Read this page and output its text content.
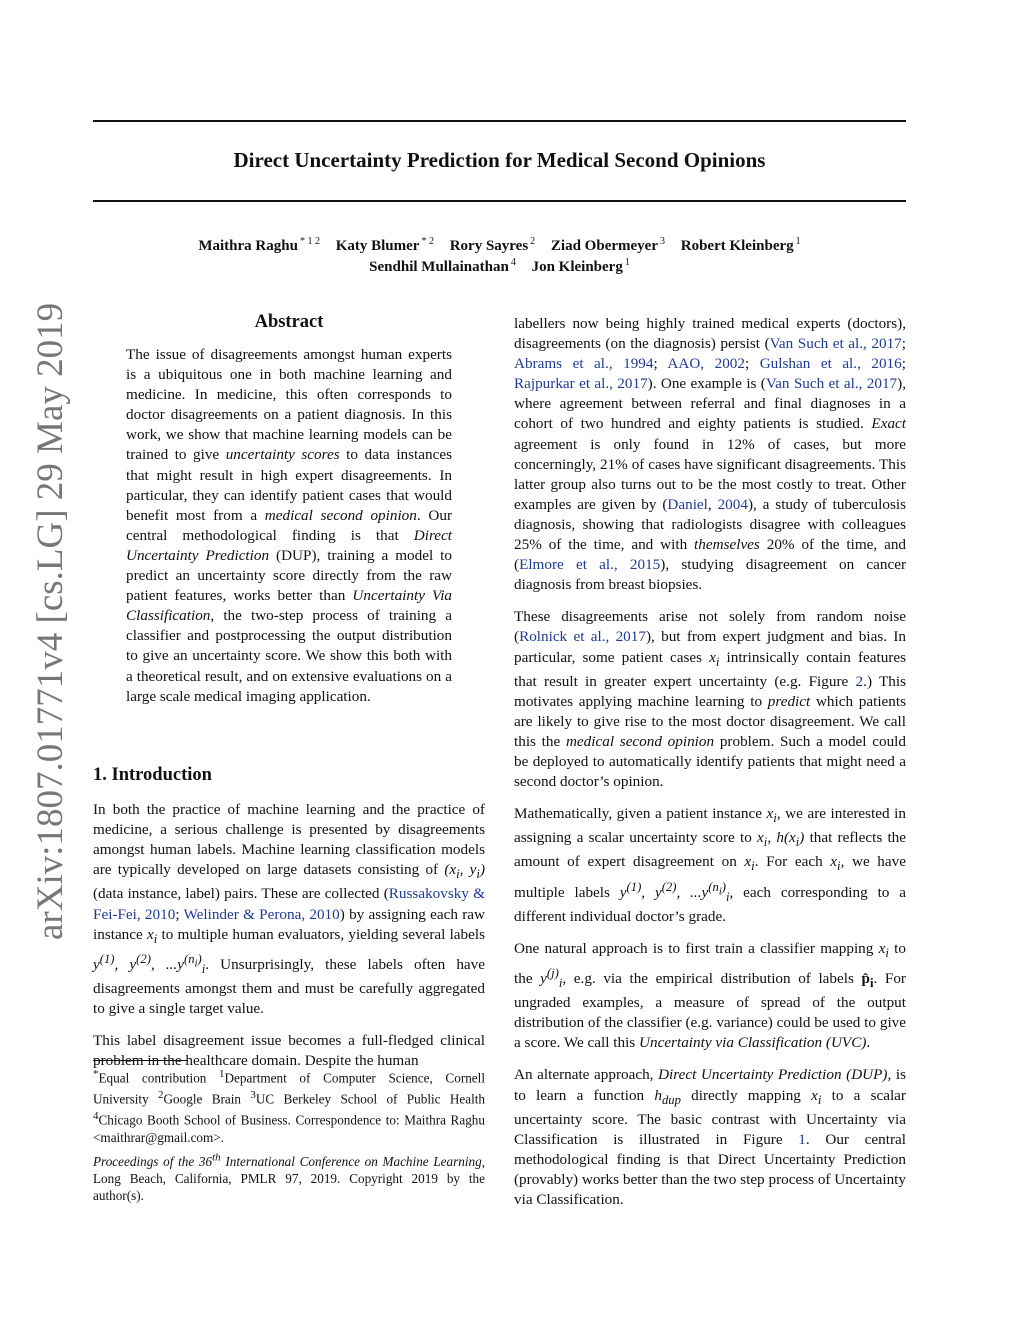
arXiv:1807.01771v4 [cs.LG] 29 May 2019
Direct Uncertainty Prediction for Medical Second Opinions
Maithra Raghu $^{* 1 2}$ Katy Blumer $^{* 2}$ Rory Sayres $^2$ Ziad Obermeyer $^3$ Robert Kleinberg $^1$
Sendhil Mullainathan $^4$ Jon Kleinberg $^1$
Abstract
The issue of disagreements amongst human experts is a ubiquitous one in both machine learning and medicine. In medicine, this often corresponds to doctor disagreements on a patient diagnosis. In this work, we show that machine learning models can be trained to give uncertainty scores to data instances that might result in high expert disagreements. In particular, they can identify patient cases that would benefit most from a medical second opinion. Our central methodological finding is that Direct Uncertainty Prediction (DUP), training a model to predict an uncertainty score directly from the raw patient features, works better than Uncertainty Via Classification, the two-step process of training a classifier and postprocessing the output distribution to give an uncertainty score. We show this both with a theoretical result, and on extensive evaluations on a large scale medical imaging application.
1. Introduction

In both the practice of machine learning and the practice of medicine, a serious challenge is presented by disagreements amongst human labels. Machine learning classification models are typically developed on large datasets consisting of ($x_i$, $y_i$) (data instance, label) pairs. These are collected (Russakovsky & Fei-Fei, 2010; Welinder & Perona, 2010) by assigning each raw instance $x_i$ to multiple human evaluators, yielding several labels $y^{(1)}$, $y^{(2)}$, $...y^{(n_i)}_i$. Unsurprisingly, these labels often have disagreements amongst them and must be carefully aggregated to give a single target value.

This label disagreement issue becomes a full-fledged clinical problem in the healthcare domain. Despite the human

*Equal contribution $^1$Department of Computer Science, Cornell University $^2$Google Brain $^3$UC Berkeley School of Public Health $^4$Chicago Booth School of Business. Correspondence to: Maithra Raghu <maithrar@gmail.com>.
Proceedings of the 36th International Conference on Machine Learning, Long Beach, California, PMLR 97, 2019. Copyright 2019 by the author(s).

labellers now being highly trained medical experts (doctors), disagreements (on the diagnosis) persist (Van Such et al., 2017; Abrams et al., 1994; AAO, 2002; Gulshan et al., 2016; Rajpurkar et al., 2017). One example is (Van Such et al., 2017), where agreement between referral and final diagnoses in a cohort of two hundred and eighty patients is studied. Exact agreement is only found in 12% of cases, but more concerningly, 21% of cases have significant disagreements. This latter group also turns out to be the most costly to treat. Other examples are given by (Daniel, 2004), a study of tuberculosis diagnosis, showing that radiologists disagree with colleagues 25% of the time, and with themselves 20% of the time, and (Elmore et al., 2015), studying disagreement on cancer diagnosis from breast biopsies.

These disagreements arise not solely from random noise (Rolnick et al., 2017), but from expert judgment and bias. In particular, some patient cases $x_i$ intrinsically contain features that result in greater expert uncertainty (e.g. Figure 2.) This motivates applying machine learning to predict which patients are likely to give rise to the most doctor disagreement. We call this the medical second opinion problem. Such a model could be deployed to automatically identify patients that might need a second doctor’s opinion.

Mathematically, given a patient instance $x_i$, we are interested in assigning a scalar uncertainty score to $x_i$, $h(x_i)$ that reflects the amount of expert disagreement on $x_i$. For each $x_i$, we have multiple labels $y^{(1)}$, $y^{(2)}$, $...y^{(n_i)}_i$, each corresponding to a different individual doctor’s grade.

One natural approach is to first train a classifier mapping $x_i$ to the $y^{(j)}_i$, e.g. via the empirical distribution of labels $p̂_i$. For ungraded examples, a measure of spread of the output distribution of the classifier (e.g. variance) could be used to give a score. We call this Uncertainty via Classification (UVC).

An alternate approach, Direct Uncertainty Prediction (DUP), is to learn a function $h_{dup}$ directly mapping $x_i$ to a scalar uncertainty score. The basic contrast with Uncertainty via Classification is illustrated in Figure 1. Our central methodological finding is that Direct Uncertainty Prediction (provably) works better than the two step process of Uncertainty via Classification.
